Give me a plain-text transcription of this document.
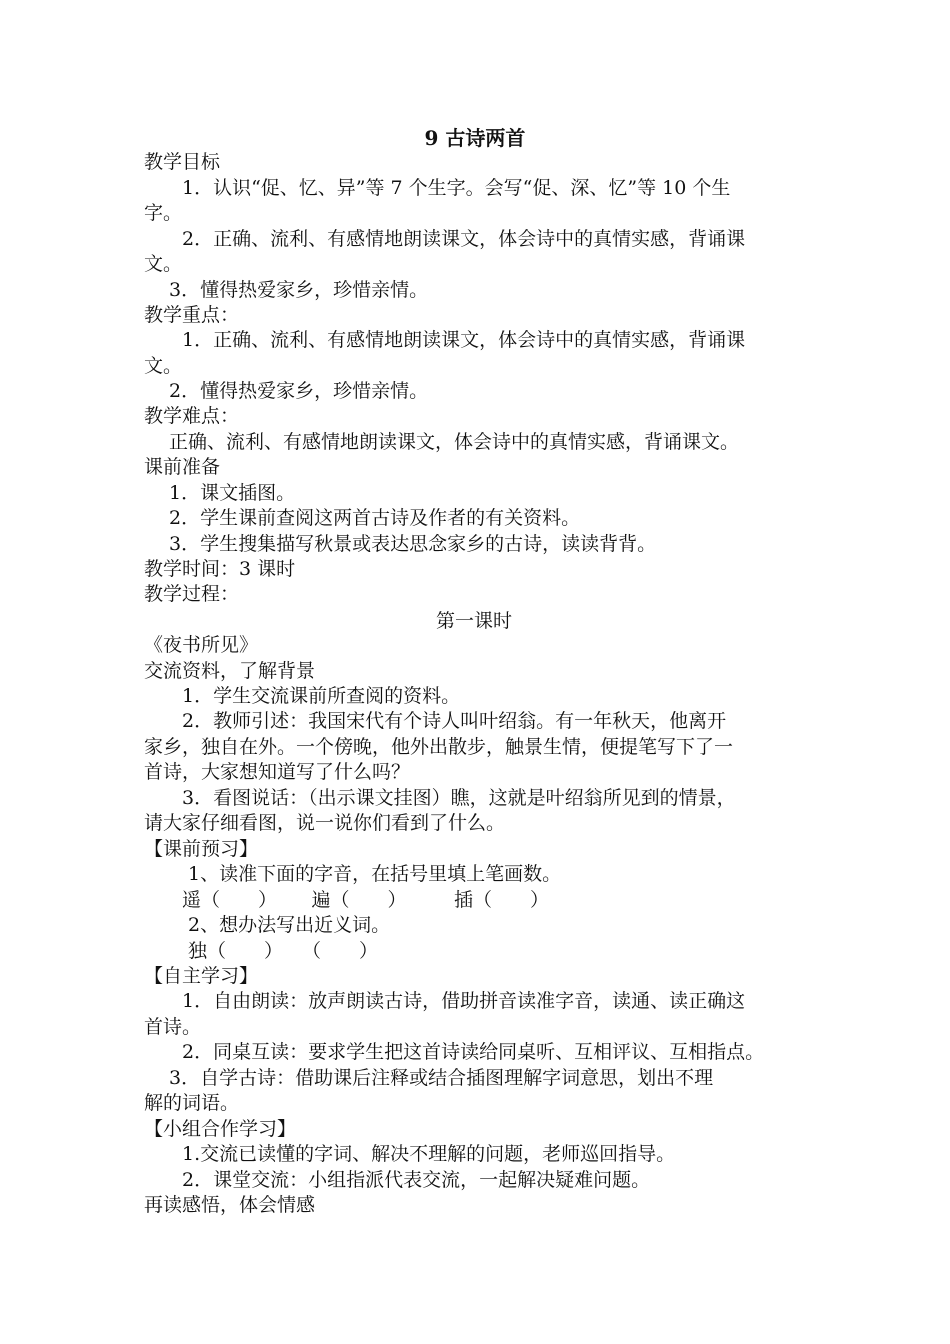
9 古诗两首
教学目标
　　1．认识“促、忆、异”等 7 个生字。会写“促、深、忆”等 10 个生
字。
　　2．正确、流利、有感情地朗读课文，体会诗中的真情实感，背诵课
文。
　 3．懂得热爱家乡，珍惜亲情。
教学重点：
　　1．正确、流利、有感情地朗读课文，体会诗中的真情实感，背诵课
文。
　 2．懂得热爱家乡，珍惜亲情。
教学难点：
　 正确、流利、有感情地朗读课文，体会诗中的真情实感，背诵课文。
课前准备
　 1．课文插图。
　 2．学生课前查阅这两首古诗及作者的有关资料。
　 3．学生搜集描写秋景或表达思念家乡的古诗，读读背背。
教学时间：3 课时
教学过程：
第一课时
《夜书所见》
交流资料，了解背景
　　1．学生交流课前所查阅的资料。
　　2．教师引述：我国宋代有个诗人叫叶绍翁。有一年秋天，他离开
家乡，独自在外。一个傍晚，他外出散步，触景生情，便提笔写下了一
首诗，大家想知道写了什么吗？
　　3．看图说话：（出示课文挂图）瞧，这就是叶绍翁所见到的情景，
请大家仔细看图，说一说你们看到了什么。
【课前预习】
　　 1、读准下面的字音，在括号里填上笔画数。
　　遥（　　）　　 遍（　　）　　　插（　　）
　　 2、想办法写出近义词。
　　 独（　　）　　（　　）
【自主学习】
　　1．自由朗读：放声朗读古诗，借助拼音读准字音，读通、读正确这
首诗。
　　2．同桌互读：要求学生把这首诗读给同桌听、互相评议、互相指点。
　 3．自学古诗：借助课后注释或结合插图理解字词意思，划出不理
解的词语。
【小组合作学习】
　　1.交流已读懂的字词、解决不理解的问题，老师巡回指导。
　　2．课堂交流：小组指派代表交流，一起解决疑难问题。
再读感悟，体会情感
